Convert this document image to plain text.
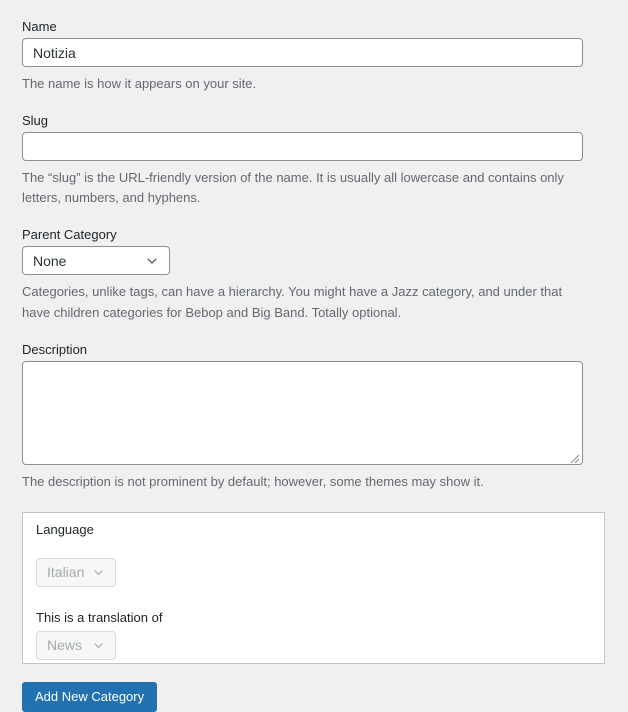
Name
Notizia

The name is how it appears on your site.

Slug

The “slug” is the URL-friendly version of the name. It is usually all lowercase and contains only letters, numbers, and hyphens.

Parent Category
None

Categories, unlike tags, can have a hierarchy. You might have a Jazz category, and under that have children categories for Bebop and Big Band. Totally optional.

Description

The description is not prominent by default; however, some themes may show it.

Language

Italian
This is a translation of
News
Add New Category
